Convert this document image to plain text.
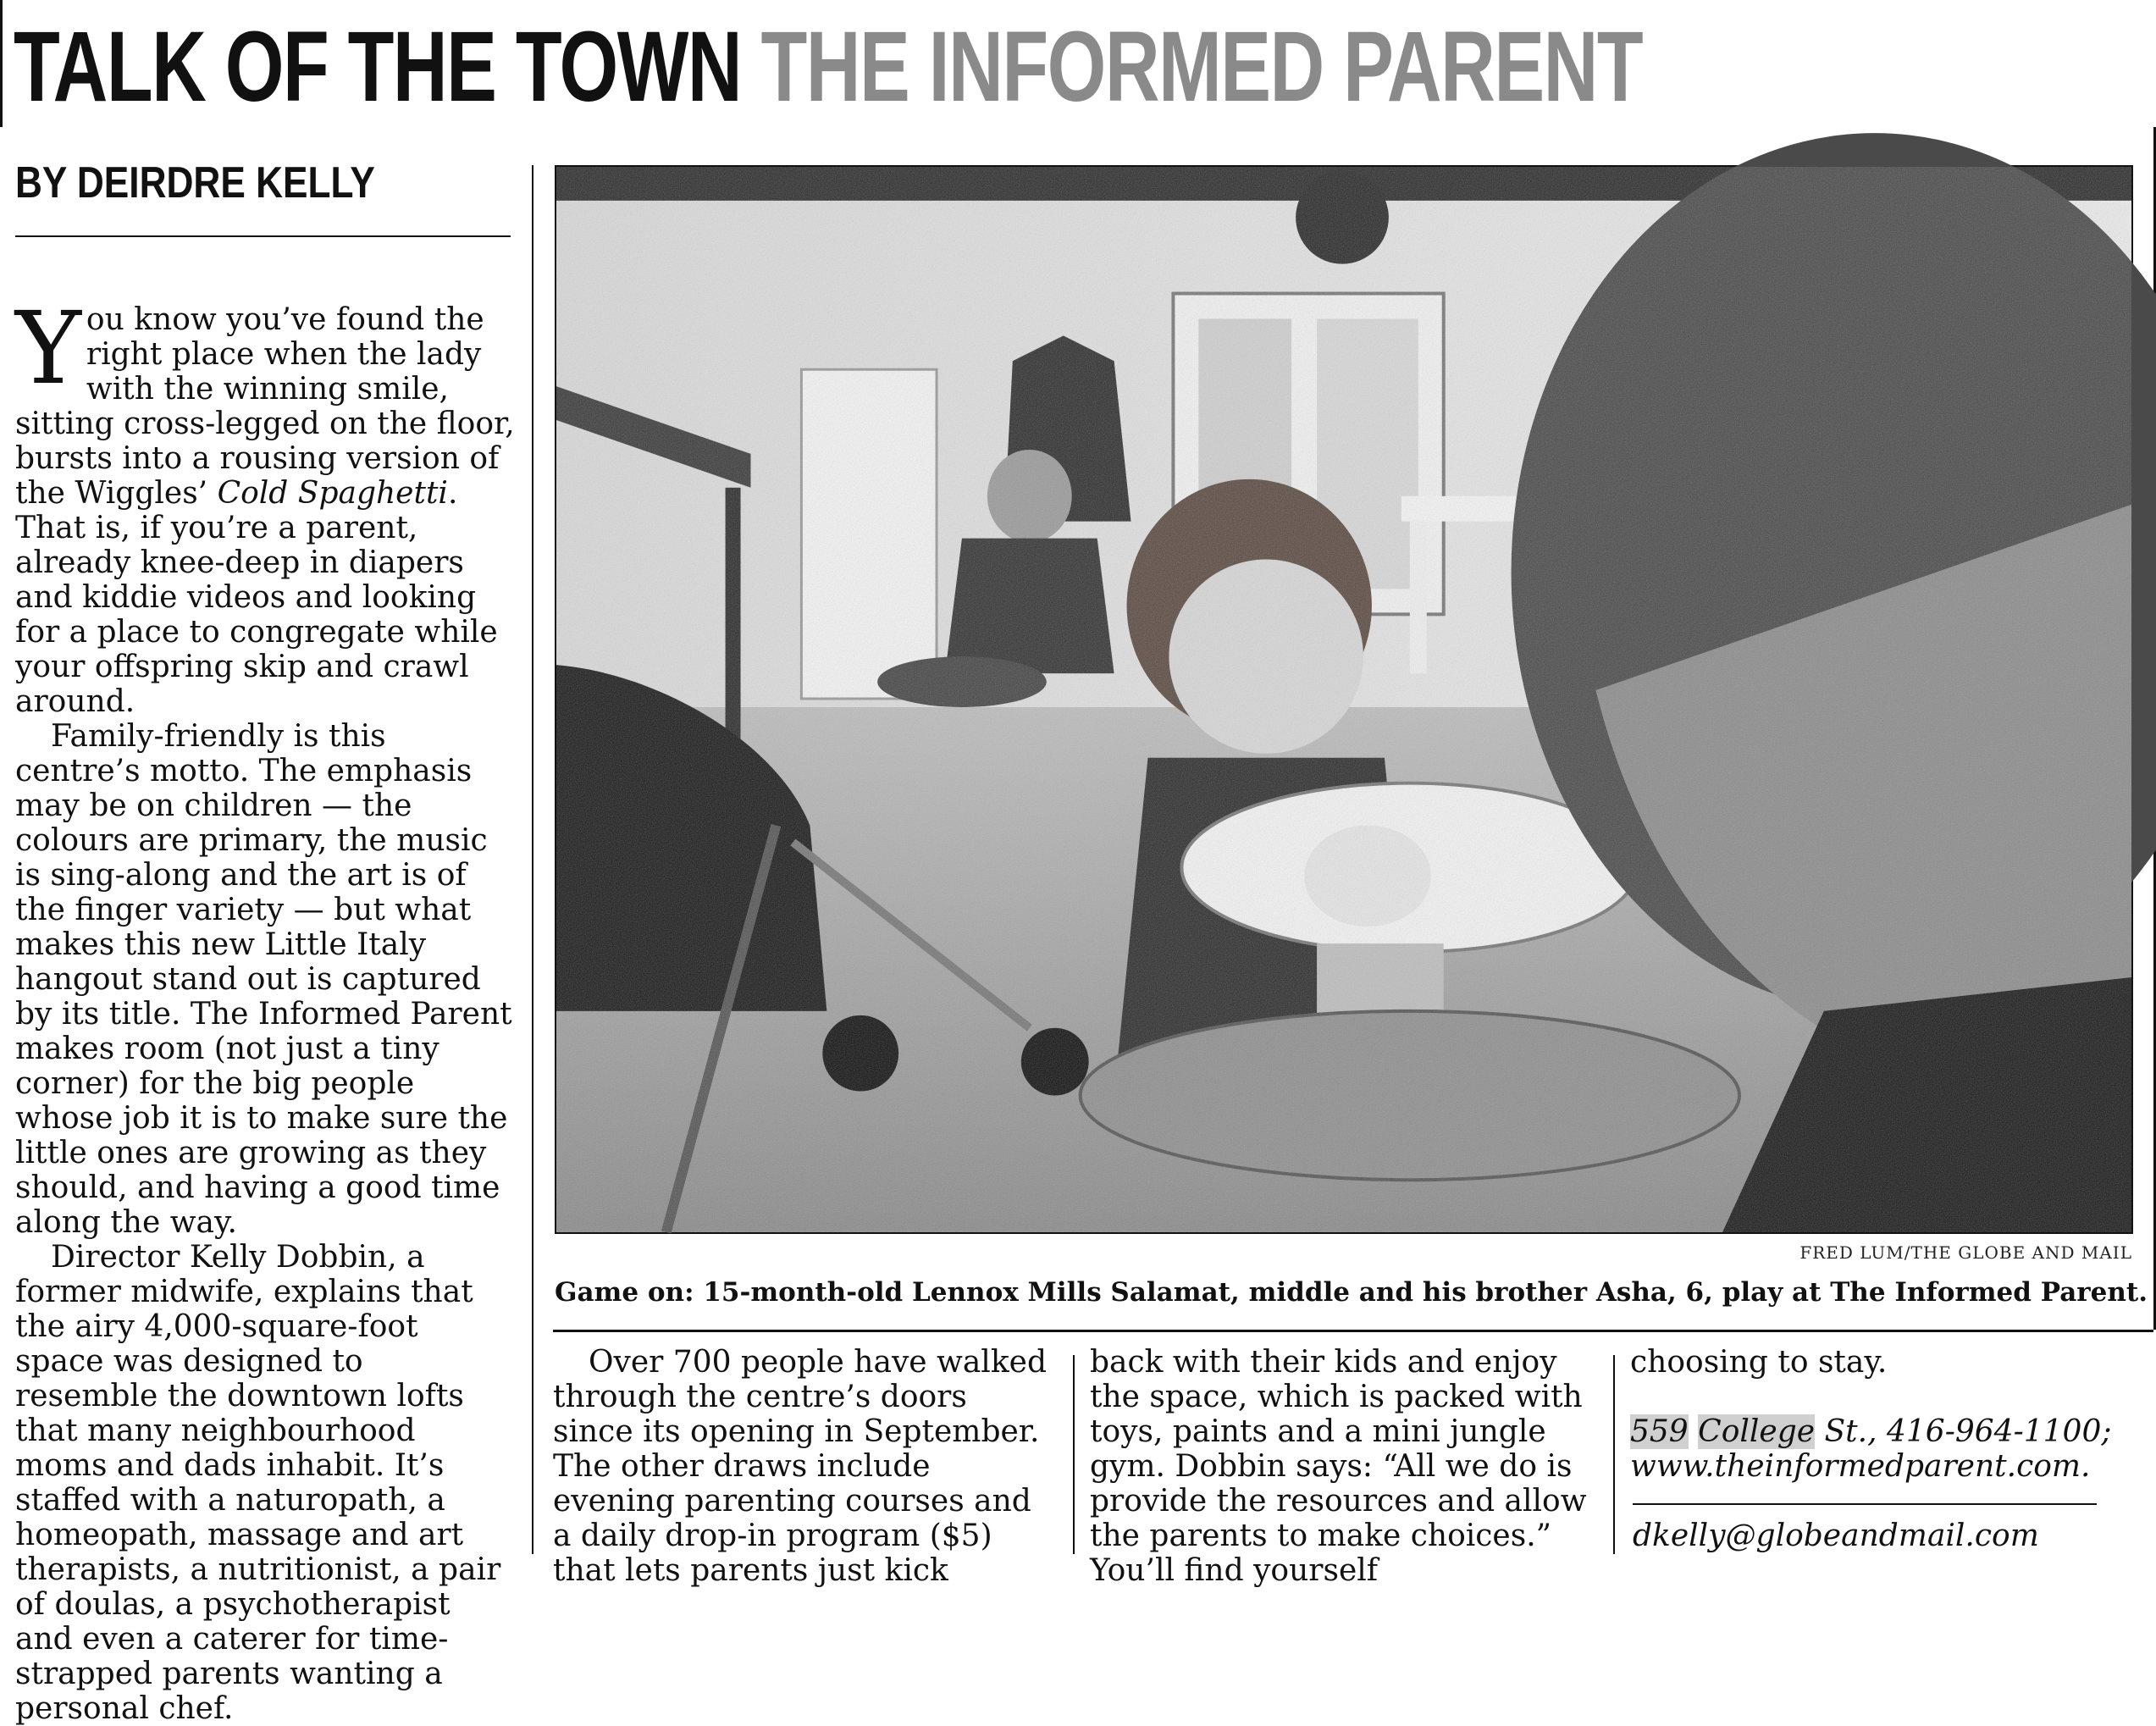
TALK OF THE TOWN THE INFORMED PARENT
BY DEIRDRE KELLY

You know you’ve found the right place when the lady with the winning smile, sitting cross-legged on the floor, bursts into a rousing version of the Wiggles’ Cold Spaghetti. That is, if you’re a parent, already knee-deep in diapers and kiddie videos and looking for a place to congregate while your offspring skip and crawl around.

Family-friendly is this centre’s motto. The emphasis may be on children — the colours are primary, the music is sing-along and the art is of the finger variety — but what makes this new Little Italy hangout stand out is captured by its title. The Informed Parent makes room (not just a tiny corner) for the big people whose job it is to make sure the little ones are growing as they should, and having a good time along the way.

Director Kelly Dobbin, a former midwife, explains that the airy 4,000-square-foot space was designed to resemble the downtown lofts that many neighbourhood moms and dads inhabit. It’s staffed with a naturopath, a homeopath, massage and art therapists, a nutritionist, a pair of doulas, a psychotherapist and even a caterer for time-strapped parents wanting a personal chef.

FRED LUM/THE GLOBE AND MAIL
Game on: 15-month-old Lennox Mills Salamat, middle and his brother Asha, 6, play at The Informed Parent.

Over 700 people have walked through the centre’s doors since its opening in September. The other draws include evening parenting courses and a daily drop-in program ($5) that lets parents just kick

back with their kids and enjoy the space, which is packed with toys, paints and a mini jungle gym. Dobbin says: “All we do is provide the resources and allow the parents to make choices.” You’ll find yourself

choosing to stay.

559 College St., 416-964-1100;
www.theinformedparent.com.

dkelly@globeandmail.com
